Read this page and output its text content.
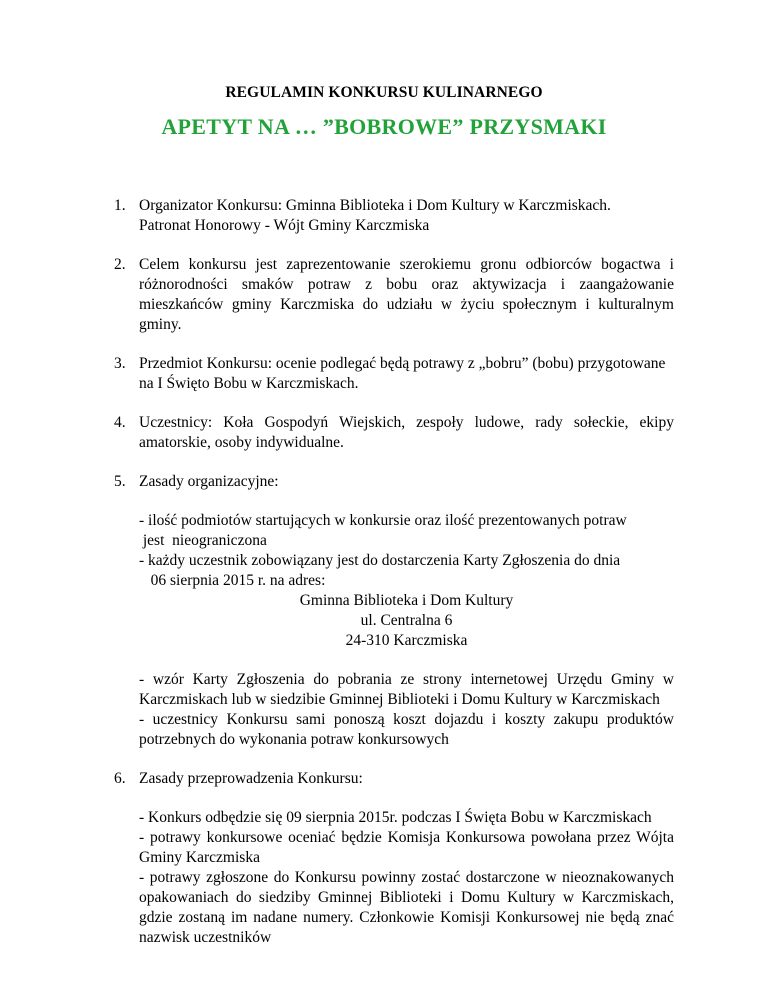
REGULAMIN KONKURSU KULINARNEGO
APETYT NA … ”BOBROWE” PRZYSMAKI
1. Organizator Konkursu: Gminna Biblioteka i Dom Kultury w Karczmiskach.
Patronat Honorowy - Wójt Gminy Karczmiska
2. Celem konkursu jest zaprezentowanie szerokiemu gronu odbiorców bogactwa i
różnorodności smaków potraw z bobu oraz aktywizacja i zaangażowanie
mieszkańców gminy Karczmiska do udziału w życiu społecznym i kulturalnym
gminy.
3. Przedmiot Konkursu: ocenie podlegać będą potrawy z „bobru” (bobu) przygotowane
na I Święto Bobu w Karczmiskach.
4. Uczestnicy: Koła Gospodyń Wiejskich, zespoły ludowe, rady sołeckie, ekipy
amatorskie, osoby indywidualne.
5. Zasady organizacyjne:
- ilość podmiotów startujących w konkursie oraz ilość prezentowanych potraw
jest  nieograniczona
- każdy uczestnik zobowiązany jest do dostarczenia Karty Zgłoszenia do dnia
06 sierpnia 2015 r. na adres:
Gminna Biblioteka i Dom Kultury
ul. Centralna 6
24-310 Karczmiska
- wzór Karty Zgłoszenia do pobrania ze strony internetowej Urzędu Gminy w
Karczmiskach lub w siedzibie Gminnej Biblioteki i Domu Kultury w Karczmiskach
- uczestnicy Konkursu sami ponoszą koszt dojazdu i koszty zakupu produktów
potrzebnych do wykonania potraw konkursowych
6. Zasady przeprowadzenia Konkursu:
- Konkurs odbędzie się 09 sierpnia 2015r. podczas I Święta Bobu w Karczmiskach
- potrawy konkursowe oceniać będzie Komisja Konkursowa powołana przez Wójta
Gminy Karczmiska
- potrawy zgłoszone do Konkursu powinny zostać dostarczone w nieoznakowanych
opakowaniach do siedziby Gminnej Biblioteki i Domu Kultury w Karczmiskach,
gdzie zostaną im nadane numery. Członkowie Komisji Konkursowej nie będą znać
nazwisk uczestników
